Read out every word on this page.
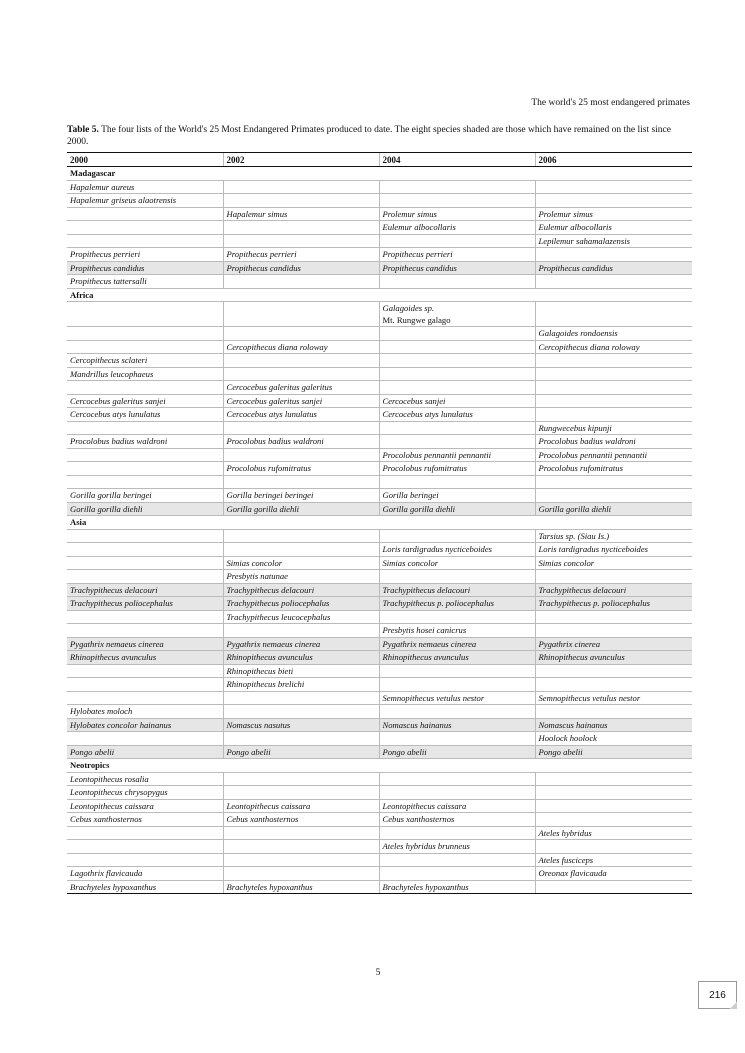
The world's 25 most endangered primates
Table 5. The four lists of the World's 25 Most Endangered Primates produced to date. The eight species shaded are those which have remained on the list since 2000.
2000	2002	2004	2006
Madagascar			
Hapalemur aureus			
Hapalemur griseus alaotrensis			
	Hapalemur simus	Prolemur simus	Prolemur simus
		Eulemur albocollaris	Eulemur albocollaris
			Lepilemur sahamalazensis
Propithecus perrieri	Propithecus perrieri	Propithecus perrieri	
Propithecus candidus	Propithecus candidus	Propithecus candidus	Propithecus candidus
Propithecus tattersalli			
Africa			

		Galagoides sp.
Mt. Rungwe galago	

			Galagoides rondoensis
	Cercopithecus diana roloway		Cercopithecus diana roloway
Cercopithecus sclateri			
Mandrillus leucophaeus			
	Cercocebus galeritus galeritus		
Cercocebus galeritus sanjei	Cercocebus galeritus sanjei	Cercocebus sanjei	
Cercocebus atys lunulatus	Cercocebus atys lunulatus	Cercocebus atys lunulatus	
			Rungwecebus kipunji
Procolobus badius waldroni	Procolobus badius waldroni		Procolobus badius waldroni
		Procolobus pennantii pennantii	Procolobus pennantii pennantii
	Procolobus rufomitratus	Procolobus rufomitratus	Procolobus rufomitratus

Gorilla gorilla beringei	Gorilla beringei beringei	Gorilla beringei	
Gorilla gorilla diehli	Gorilla gorilla diehli	Gorilla gorilla diehli	Gorilla gorilla diehli
Asia			
			Tarsius sp. (Siau Is.)
		Loris tardigradus nycticeboides	Loris tardigradus nycticeboides
	Simias concolor	Simias concolor	Simias concolor
	Presbytis natunae		
Trachypithecus delacouri	Trachypithecus delacouri	Trachypithecus delacouri	Trachypithecus delacouri
Trachypithecus poliocephalus	Trachypithecus poliocephalus	Trachypithecus p. poliocephalus	Trachypithecus p. poliocephalus
	Trachypithecus leucocephalus		
		Presbytis hosei canicrus	
Pygathrix nemaeus cinerea	Pygathrix nemaeus cinerea	Pygathrix nemaeus cinerea	Pygathrix cinerea
Rhinopithecus avunculus	Rhinopithecus avunculus	Rhinopithecus avunculus	Rhinopithecus avunculus
	Rhinopithecus bieti		
	Rhinopithecus brelichi		
		Semnopithecus vetulus nestor	Semnopithecus vetulus nestor
Hylobates moloch			
Hylobates concolor hainanus	Nomascus nasutus	Nomascus hainanus	Nomascus hainanus
			Hoolock hoolock
Pongo abelii	Pongo abelii	Pongo abelii	Pongo abelii
Neotropics			
Leontopithecus rosalia			
Leontopithecus chrysopygus			
Leontopithecus caissara	Leontopithecus caissara	Leontopithecus caissara	
Cebus xanthosternos	Cebus xanthosternos	Cebus xanthosternos	
			Ateles hybridus
		Ateles hybridus brunneus	
			Ateles fusciceps
Lagothrix flavicauda			Oreonax flavicauda
Brachyteles hypoxanthus	Brachyteles hypoxanthus	Brachyteles hypoxanthus	
5
216
